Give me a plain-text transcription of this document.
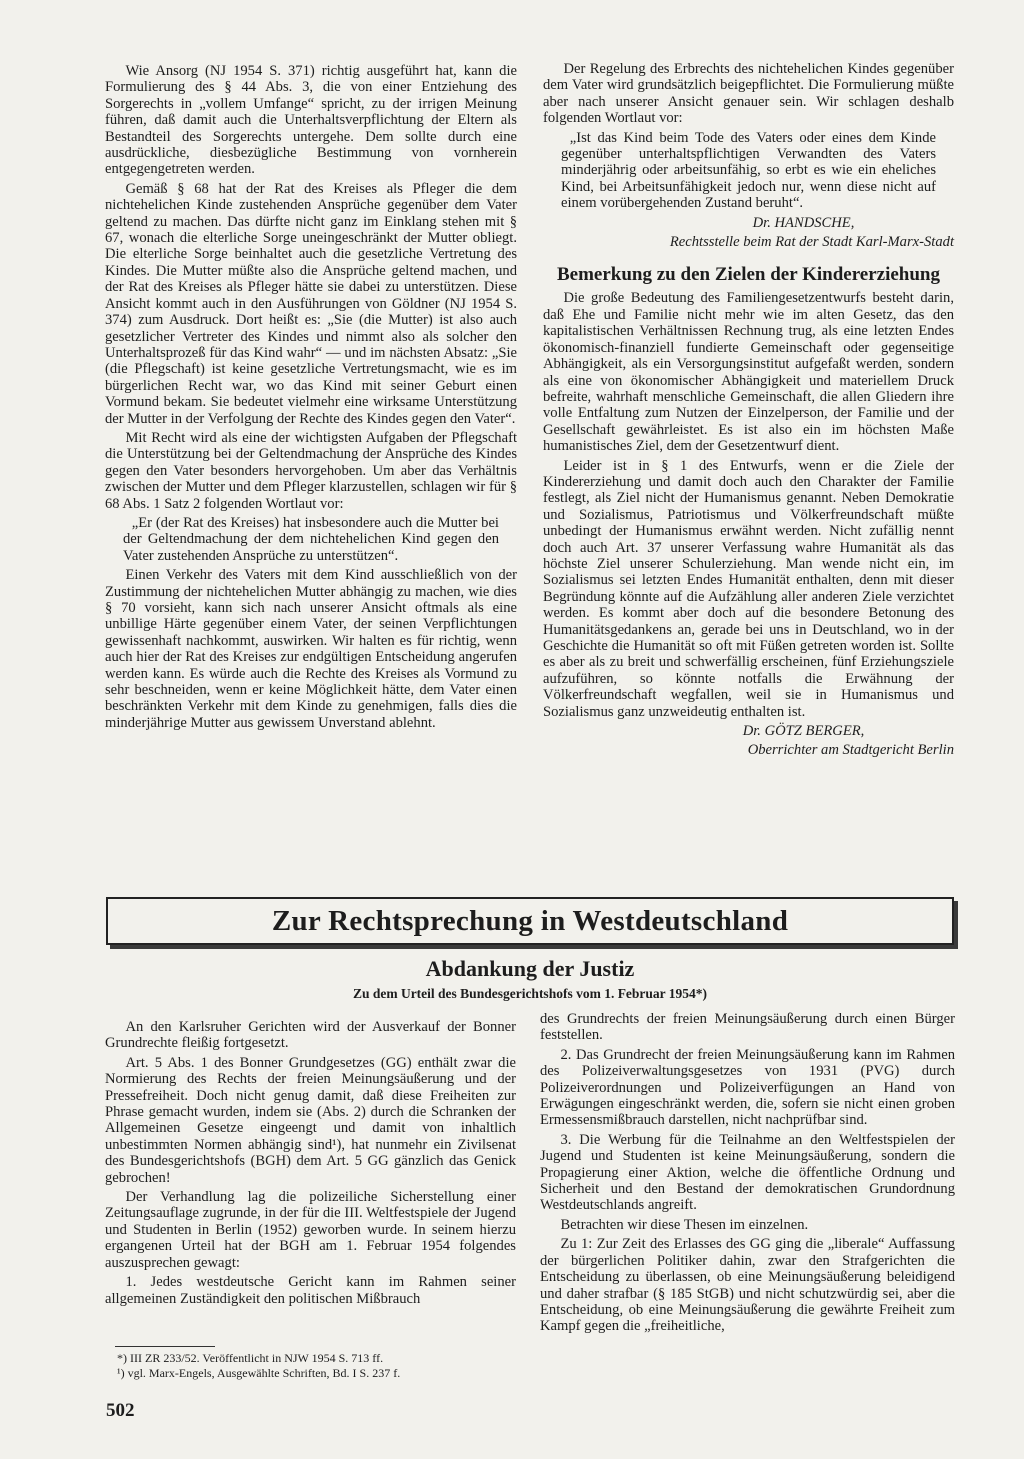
Wie Ansorg (NJ 1954 S. 371) richtig ausgeführt hat, kann die Formulierung des § 44 Abs. 3, die von einer Entziehung des Sorgerechts in „vollem Umfange“ spricht, zu der irrigen Meinung führen, daß damit auch die Unterhaltsverpflichtung der Eltern als Bestandteil des Sorgerechts untergehe. Dem sollte durch eine ausdrückliche, diesbezügliche Bestimmung von vornherein entgegengetreten werden.

Gemäß § 68 hat der Rat des Kreises als Pfleger die dem nichtehelichen Kinde zustehenden Ansprüche gegenüber dem Vater geltend zu machen. Das dürfte nicht ganz im Einklang stehen mit § 67, wonach die elterliche Sorge uneingeschränkt der Mutter obliegt. Die elterliche Sorge beinhaltet auch die gesetzliche Vertretung des Kindes. Die Mutter müßte also die Ansprüche geltend machen, und der Rat des Kreises als Pfleger hätte sie dabei zu unterstützen. Diese Ansicht kommt auch in den Ausführungen von Göldner (NJ 1954 S. 374) zum Ausdruck. Dort heißt es: „Sie (die Mutter) ist also auch gesetzlicher Vertreter des Kindes und nimmt also als solcher den Unterhaltsprozeß für das Kind wahr“ — und im nächsten Absatz: „Sie (die Pflegschaft) ist keine gesetzliche Vertretungsmacht, wie es im bürgerlichen Recht war, wo das Kind mit seiner Geburt einen Vormund bekam. Sie bedeutet vielmehr eine wirksame Unterstützung der Mutter in der Verfolgung der Rechte des Kindes gegen den Vater“.

Mit Recht wird als eine der wichtigsten Aufgaben der Pflegschaft die Unterstützung bei der Geltendmachung der Ansprüche des Kindes gegen den Vater besonders hervorgehoben. Um aber das Verhältnis zwischen der Mutter und dem Pfleger klarzustellen, schlagen wir für § 68 Abs. 1 Satz 2 folgenden Wortlaut vor:

„Er (der Rat des Kreises) hat insbesondere auch die Mutter bei der Geltendmachung der dem nichtehelichen Kind gegen den Vater zustehenden Ansprüche zu unterstützen“.

Einen Verkehr des Vaters mit dem Kind ausschließlich von der Zustimmung der nichtehelichen Mutter abhängig zu machen, wie dies § 70 vorsieht, kann sich nach unserer Ansicht oftmals als eine unbillige Härte gegenüber einem Vater, der seinen Verpflichtungen gewissenhaft nachkommt, auswirken. Wir halten es für richtig, wenn auch hier der Rat des Kreises zur endgültigen Entscheidung angerufen werden kann. Es würde auch die Rechte des Kreises als Vormund zu sehr beschneiden, wenn er keine Möglichkeit hätte, dem Vater einen beschränkten Verkehr mit dem Kinde zu genehmigen, falls dies die minderjährige Mutter aus gewissem Unverstand ablehnt.

Der Regelung des Erbrechts des nichtehelichen Kindes gegenüber dem Vater wird grundsätzlich beigepflichtet. Die Formulierung müßte aber nach unserer Ansicht genauer sein. Wir schlagen deshalb folgenden Wortlaut vor:

„Ist das Kind beim Tode des Vaters oder eines dem Kinde gegenüber unterhaltspflichtigen Verwandten des Vaters minderjährig oder arbeitsunfähig, so erbt es wie ein eheliches Kind, bei Arbeitsunfähigkeit jedoch nur, wenn diese nicht auf einem vorübergehenden Zustand beruht“.

Dr. HANDSCHE,

Rechtsstelle beim Rat der Stadt Karl-Marx-Stadt
Bemerkung zu den Zielen der Kindererziehung

Die große Bedeutung des Familiengesetzentwurfs besteht darin, daß Ehe und Familie nicht mehr wie im alten Gesetz, das den kapitalistischen Verhältnissen Rechnung trug, als eine letzten Endes ökonomisch-finanziell fundierte Gemeinschaft oder gegenseitige Abhängigkeit, als ein Versorgungsinstitut aufgefaßt werden, sondern als eine von ökonomischer Abhängigkeit und materiellem Druck befreite, wahrhaft menschliche Gemeinschaft, die allen Gliedern ihre volle Entfaltung zum Nutzen der Einzelperson, der Familie und der Gesellschaft gewährleistet. Es ist also ein im höchsten Maße humanistisches Ziel, dem der Gesetzentwurf dient.

Leider ist in § 1 des Entwurfs, wenn er die Ziele der Kindererziehung und damit doch auch den Charakter der Familie festlegt, als Ziel nicht der Humanismus genannt. Neben Demokratie und Sozialismus, Patriotismus und Völkerfreundschaft müßte unbedingt der Humanismus erwähnt werden. Nicht zufällig nennt doch auch Art. 37 unserer Verfassung wahre Humanität als das höchste Ziel unserer Schulerziehung. Man wende nicht ein, im Sozialismus sei letzten Endes Humanität enthalten, denn mit dieser Begründung könnte auf die Aufzählung aller anderen Ziele verzichtet werden. Es kommt aber doch auf die besondere Betonung des Humanitätsgedankens an, gerade bei uns in Deutschland, wo in der Geschichte die Humanität so oft mit Füßen getreten worden ist. Sollte es aber als zu breit und schwerfällig erscheinen, fünf Erziehungsziele aufzuführen, so könnte notfalls die Erwähnung der Völkerfreundschaft wegfallen, weil sie in Humanismus und Sozialismus ganz unzweideutig enthalten ist.

Dr. GÖTZ BERGER,

Oberrichter am Stadtgericht Berlin
Zur Rechtsprechung in Westdeutschland
Abdankung der Justiz
Zu dem Urteil des Bundesgerichtshofs vom 1. Februar 1954*)

An den Karlsruher Gerichten wird der Ausverkauf der Bonner Grundrechte fleißig fortgesetzt.

Art. 5 Abs. 1 des Bonner Grundgesetzes (GG) enthält zwar die Normierung des Rechts der freien Meinungsäußerung und der Pressefreiheit. Doch nicht genug damit, daß diese Freiheiten zur Phrase gemacht wurden, indem sie (Abs. 2) durch die Schranken der Allgemeinen Gesetze eingeengt und damit von inhaltlich unbestimmten Normen abhängig sind¹), hat nunmehr ein Zivilsenat des Bundesgerichtshofs (BGH) dem Art. 5 GG gänzlich das Genick gebrochen!

Der Verhandlung lag die polizeiliche Sicherstellung einer Zeitungsauflage zugrunde, in der für die III. Weltfestspiele der Jugend und Studenten in Berlin (1952) geworben wurde. In seinem hierzu ergangenen Urteil hat der BGH am 1. Februar 1954 folgendes auszusprechen gewagt:

1. Jedes westdeutsche Gericht kann im Rahmen seiner allgemeinen Zuständigkeit den politischen Mißbrauch

des Grundrechts der freien Meinungsäußerung durch einen Bürger feststellen.

2. Das Grundrecht der freien Meinungsäußerung kann im Rahmen des Polizeiverwaltungsgesetzes von 1931 (PVG) durch Polizeiverordnungen und Polizeiverfügungen an Hand von Erwägungen eingeschränkt werden, die, sofern sie nicht einen groben Ermessensmißbrauch darstellen, nicht nachprüfbar sind.

3. Die Werbung für die Teilnahme an den Weltfestspielen der Jugend und Studenten ist keine Meinungsäußerung, sondern die Propagierung einer Aktion, welche die öffentliche Ordnung und Sicherheit und den Bestand der demokratischen Grundordnung Westdeutschlands angreift.

Betrachten wir diese Thesen im einzelnen.

Zu 1: Zur Zeit des Erlasses des GG ging die „liberale“ Auffassung der bürgerlichen Politiker dahin, zwar den Strafgerichten die Entscheidung zu überlassen, ob eine Meinungsäußerung beleidigend und daher strafbar (§ 185 StGB) und nicht schutzwürdig sei, aber die Entscheidung, ob eine Meinungsäußerung die gewährte Freiheit zum Kampf gegen die „freiheitliche,

*) III ZR 233/52. Veröffentlicht in NJW 1954 S. 713 ff.
¹) vgl. Marx-Engels, Ausgewählte Schriften, Bd. I S. 237 f.
502
